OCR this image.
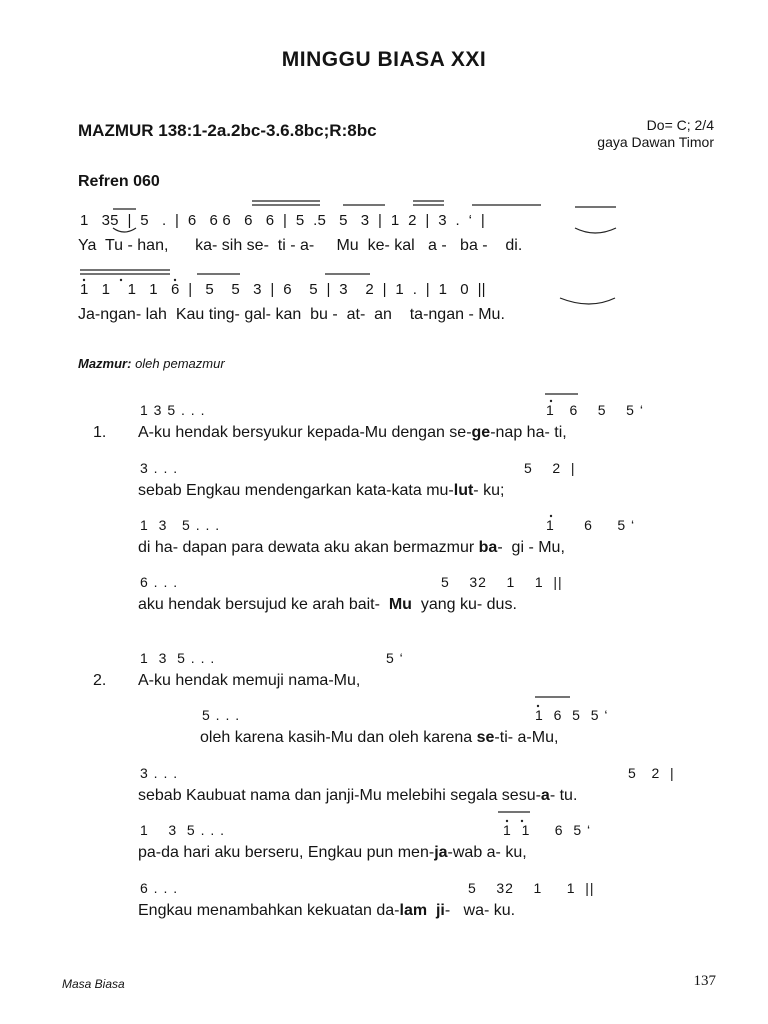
MINGGU BIASA XXI
MAZMUR 138:1-2a.2bc-3.6.8bc;R:8bc	Do= C; 2/4
gaya Dawan Timor
Refren 060
1   35  |  5   .  |  6   6 6   6   6  |  5  .5   5   3  |  1  2  |  3  .  ‘  |
Ya  Tu - han,      ka- sih se-  ti - a-     Mu  ke- kal   a -   ba -    di.
1   1    1   1   6  |   5    5   3  |  6    5  |  3    2  |  1  .  |  1   0  ||
Ja-ngan- lah  Kau ting- gal- kan  bu -  at-  an    ta-ngan - Mu.
Mazmur: oleh pemazmur
1.
1 3 5 . . .	1   6    5    5 ‘
A-ku hendak bersyukur kepada-Mu dengan se-ge-nap ha- ti,
3 . . .	5    2  |
sebab Engkau mendengarkan kata-kata mu-lut- ku;
1  3   5 . . .	1      6     5 ‘
di ha- dapan para dewata aku akan bermazmur ba-  gi - Mu,
6 . . .	5    32    1    1  ||
aku hendak bersujud ke arah bait-  Mu  yang ku- dus.
2.
1  3  5 . . .	5 ‘
A-ku hendak memuji nama-Mu,
5 . . .	1  6  5  5 ‘
oleh karena kasih-Mu dan oleh karena se-ti- a-Mu,
3 . . .	5   2  |
sebab Kaubuat nama dan janji-Mu melebihi segala sesu-a- tu.
1    3  5 . . .	1  1     6  5 ‘
pa-da hari aku berseru, Engkau pun men-ja-wab a- ku,
6 . . .	5    32    1     1  ||
Engkau menambahkan kekuatan da-lam ji-   wa- ku.
Masa Biasa	137
